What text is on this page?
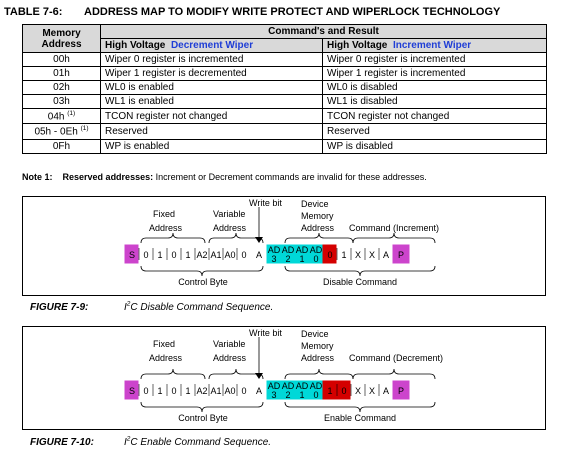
TABLE 7-6: ADDRESS MAP TO MODIFY WRITE PROTECT AND WIPERLOCK TECHNOLOGY
Memory
Address	Command's and Result	
	High Voltage Decrement Wiper	High Voltage Increment Wiper
00h	Wiper 0 register is incremented	Wiper 0 register is incremented
01h	Wiper 1 register is decremented	Wiper 1 register is incremented
02h	WL0 is enabled	WL0 is disabled
03h	WL1 is enabled	WL1 is disabled
04h $^{(1)}$	TCON register not changed	TCON register not changed
05h - 0Eh $^{(1)}$	Reserved	Reserved
0Fh	WP is enabled	WP is disabled
Note 1: Reserved addresses: Increment or Decrement commands are invalid for these addresses.
S 0 1 0 1 A2 A1 A0 0 A AD
3
AD
2
AD
1
AD
0 0 1 X X A P
Fixed
Address
Variable
Address
Write bit Device
Memory
Address Command (Increment)
Control Byte	Disable Command
FIGURE 7-9:	$I^2C$ Disable Command Sequence.
S 0 1 0 1 A2 A1 A0 0 A AD
3
AD
2
AD
1
AD
0 1 0 X X A P
Fixed
Address
Variable
Address
Write bit Device
Memory
Address Command (Decrement)
Control Byte	Enable Command
FIGURE 7-10:	$I^2C$ Enable Command Sequence.
